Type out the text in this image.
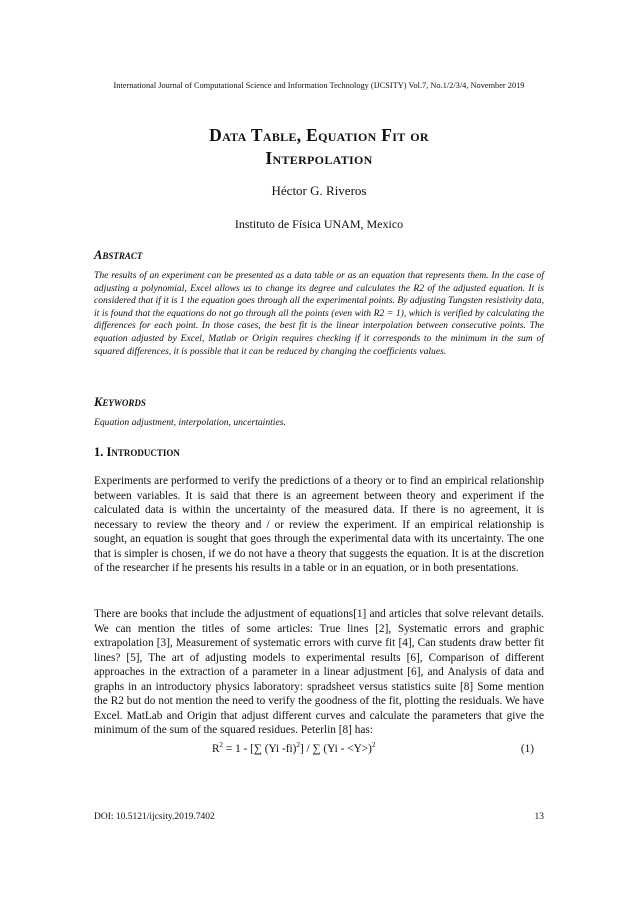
International Journal of Computational Science and Information Technology (IJCSITY) Vol.7, No.1/2/3/4, November 2019
Data Table, Equation Fit or
Interpolation
Héctor G. Riveros
Instituto de Física UNAM, Mexico
Abstract

The results of an experiment can be presented as a data table or as an equation that represents them. In the case of adjusting a polynomial, Excel allows us to change its degree and calculates the R2 of the adjusted equation. It is considered that if it is 1 the equation goes through all the experimental points. By adjusting Tungsten resistivity data, it is found that the equations do not go through all the points (even with R2 = 1), which is verified by calculating the differences for each point. In those cases, the best fit is the linear interpolation between consecutive points. The equation adjusted by Excel, Matlab or Origin requires checking if it corresponds to the minimum in the sum of squared differences, it is possible that it can be reduced by changing the coefficients values.

Keywords

Equation adjustment, interpolation, uncertainties.

1. Introduction

Experiments are performed to verify the predictions of a theory or to find an empirical relationship between variables. It is said that there is an agreement between theory and experiment if the calculated data is within the uncertainty of the measured data. If there is no agreement, it is necessary to review the theory and / or review the experiment. If an empirical relationship is sought, an equation is sought that goes through the experimental data with its uncertainty. The one that is simpler is chosen, if we do not have a theory that suggests the equation. It is at the discretion of the researcher if he presents his results in a table or in an equation, or in both presentations.

There are books that include the adjustment of equations[1] and articles that solve relevant details. We can mention the titles of some articles: True lines [2], Systematic errors and graphic extrapolation [3], Measurement of systematic errors with curve fit [4], Can students draw better fit lines? [5], The art of adjusting models to experimental results [6], Comparison of different approaches in the extraction of a parameter in a linear adjustment [6], and Analysis of data and graphs in an introductory physics laboratory: spradsheet versus statistics suite [8] Some mention the R2 but do not mention the need to verify the goodness of the fit, plotting the residuals. We have Excel. MatLab and Origin that adjust different curves and calculate the parameters that give the minimum of the sum of the squared residues. Peterlin [8] has:

$R^2 = 1$ - [∑ (Yi -fi)$^2$] / ∑ (Yi - <Y>)$^2$	(1)
DOI: 10.5121/ijcsity.2019.7402	13
